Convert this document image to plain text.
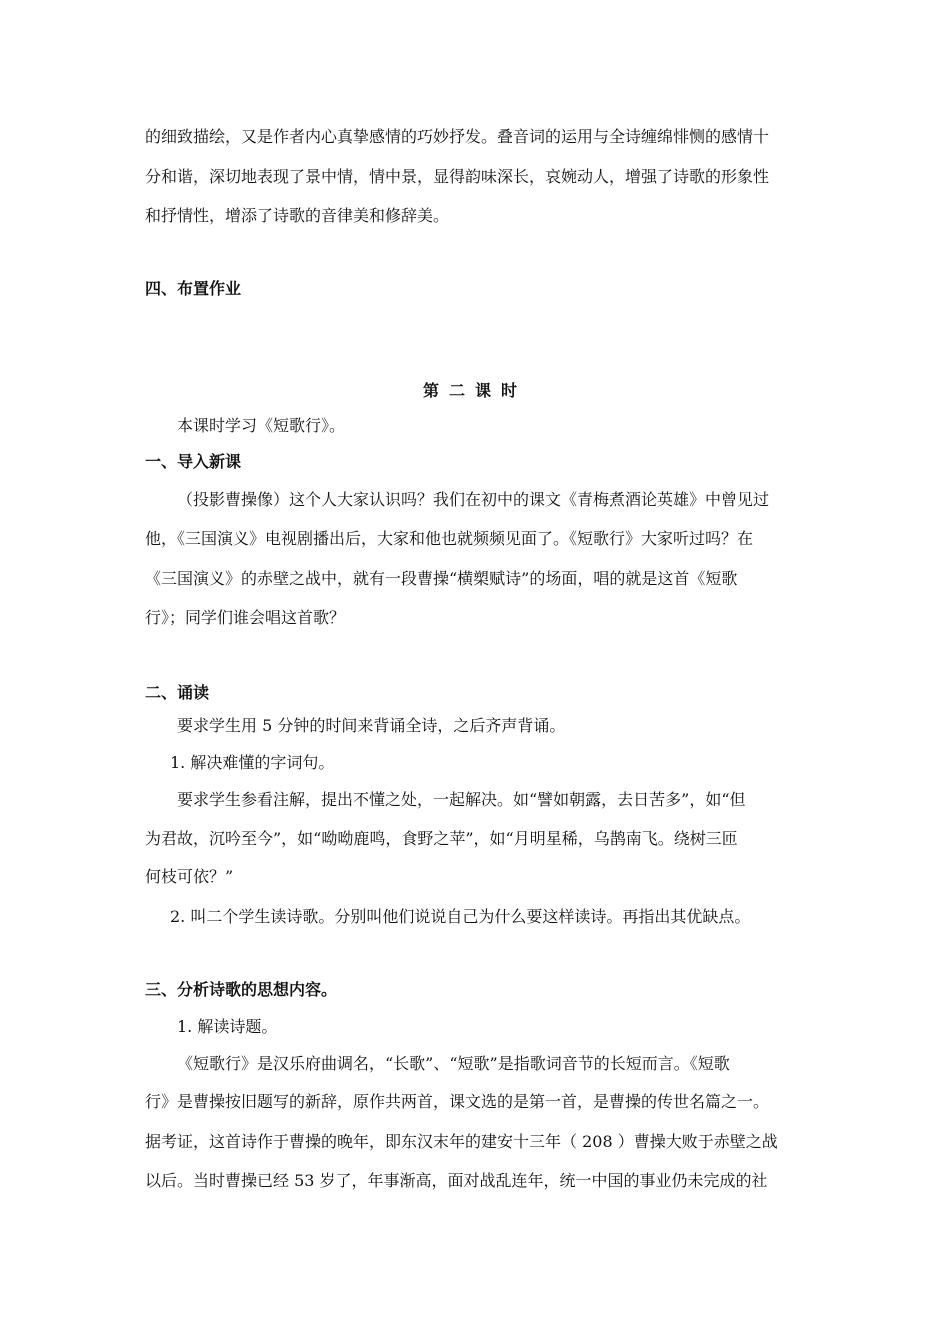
的细致描绘，又是作者内心真挚感情的巧妙抒发。叠音词的运用与全诗缠绵悱恻的感情十
分和谐，深切地表现了景中情，情中景，显得韵味深长，哀婉动人，增强了诗歌的形象性
和抒情性，增添了诗歌的音律美和修辞美。
四、布置作业
第二课时
本课时学习《短歌行》。
一、导入新课
（投影曹操像）这个人大家认识吗？我们在初中的课文《青梅煮酒论英雄》中曾见过
他，《三国演义》电视剧播出后，大家和他也就频频见面了。《短歌行》大家听过吗？在
《三国演义》的赤壁之战中，就有一段曹操“横槊赋诗”的场面，唱的就是这首《短歌
行》；同学们谁会唱这首歌？
二、诵读
要求学生用 5 分钟的时间来背诵全诗，之后齐声背诵。
1. 解决难懂的字词句。
要求学生参看注解，提出不懂之处，一起解决。如“譬如朝露，去日苦多”，如“但
为君故，沉吟至今”，如“呦呦鹿鸣，食野之苹”，如“月明星稀，乌鹊南飞。绕树三匝
何枝可依？”
2. 叫二个学生读诗歌。分别叫他们说说自己为什么要这样读诗。再指出其优缺点。
三、分析诗歌的思想内容。
1. 解读诗题。
《短歌行》是汉乐府曲调名，“长歌”、“短歌”是指歌词音节的长短而言。《短歌
行》是曹操按旧题写的新辞，原作共两首，课文选的是第一首，是曹操的传世名篇之一。
据考证，这首诗作于曹操的晚年，即东汉末年的建安十三年（ 208 ）曹操大败于赤壁之战
以后。当时曹操已经 53 岁了，年事渐高，面对战乱连年，统一中国的事业仍未完成的社
